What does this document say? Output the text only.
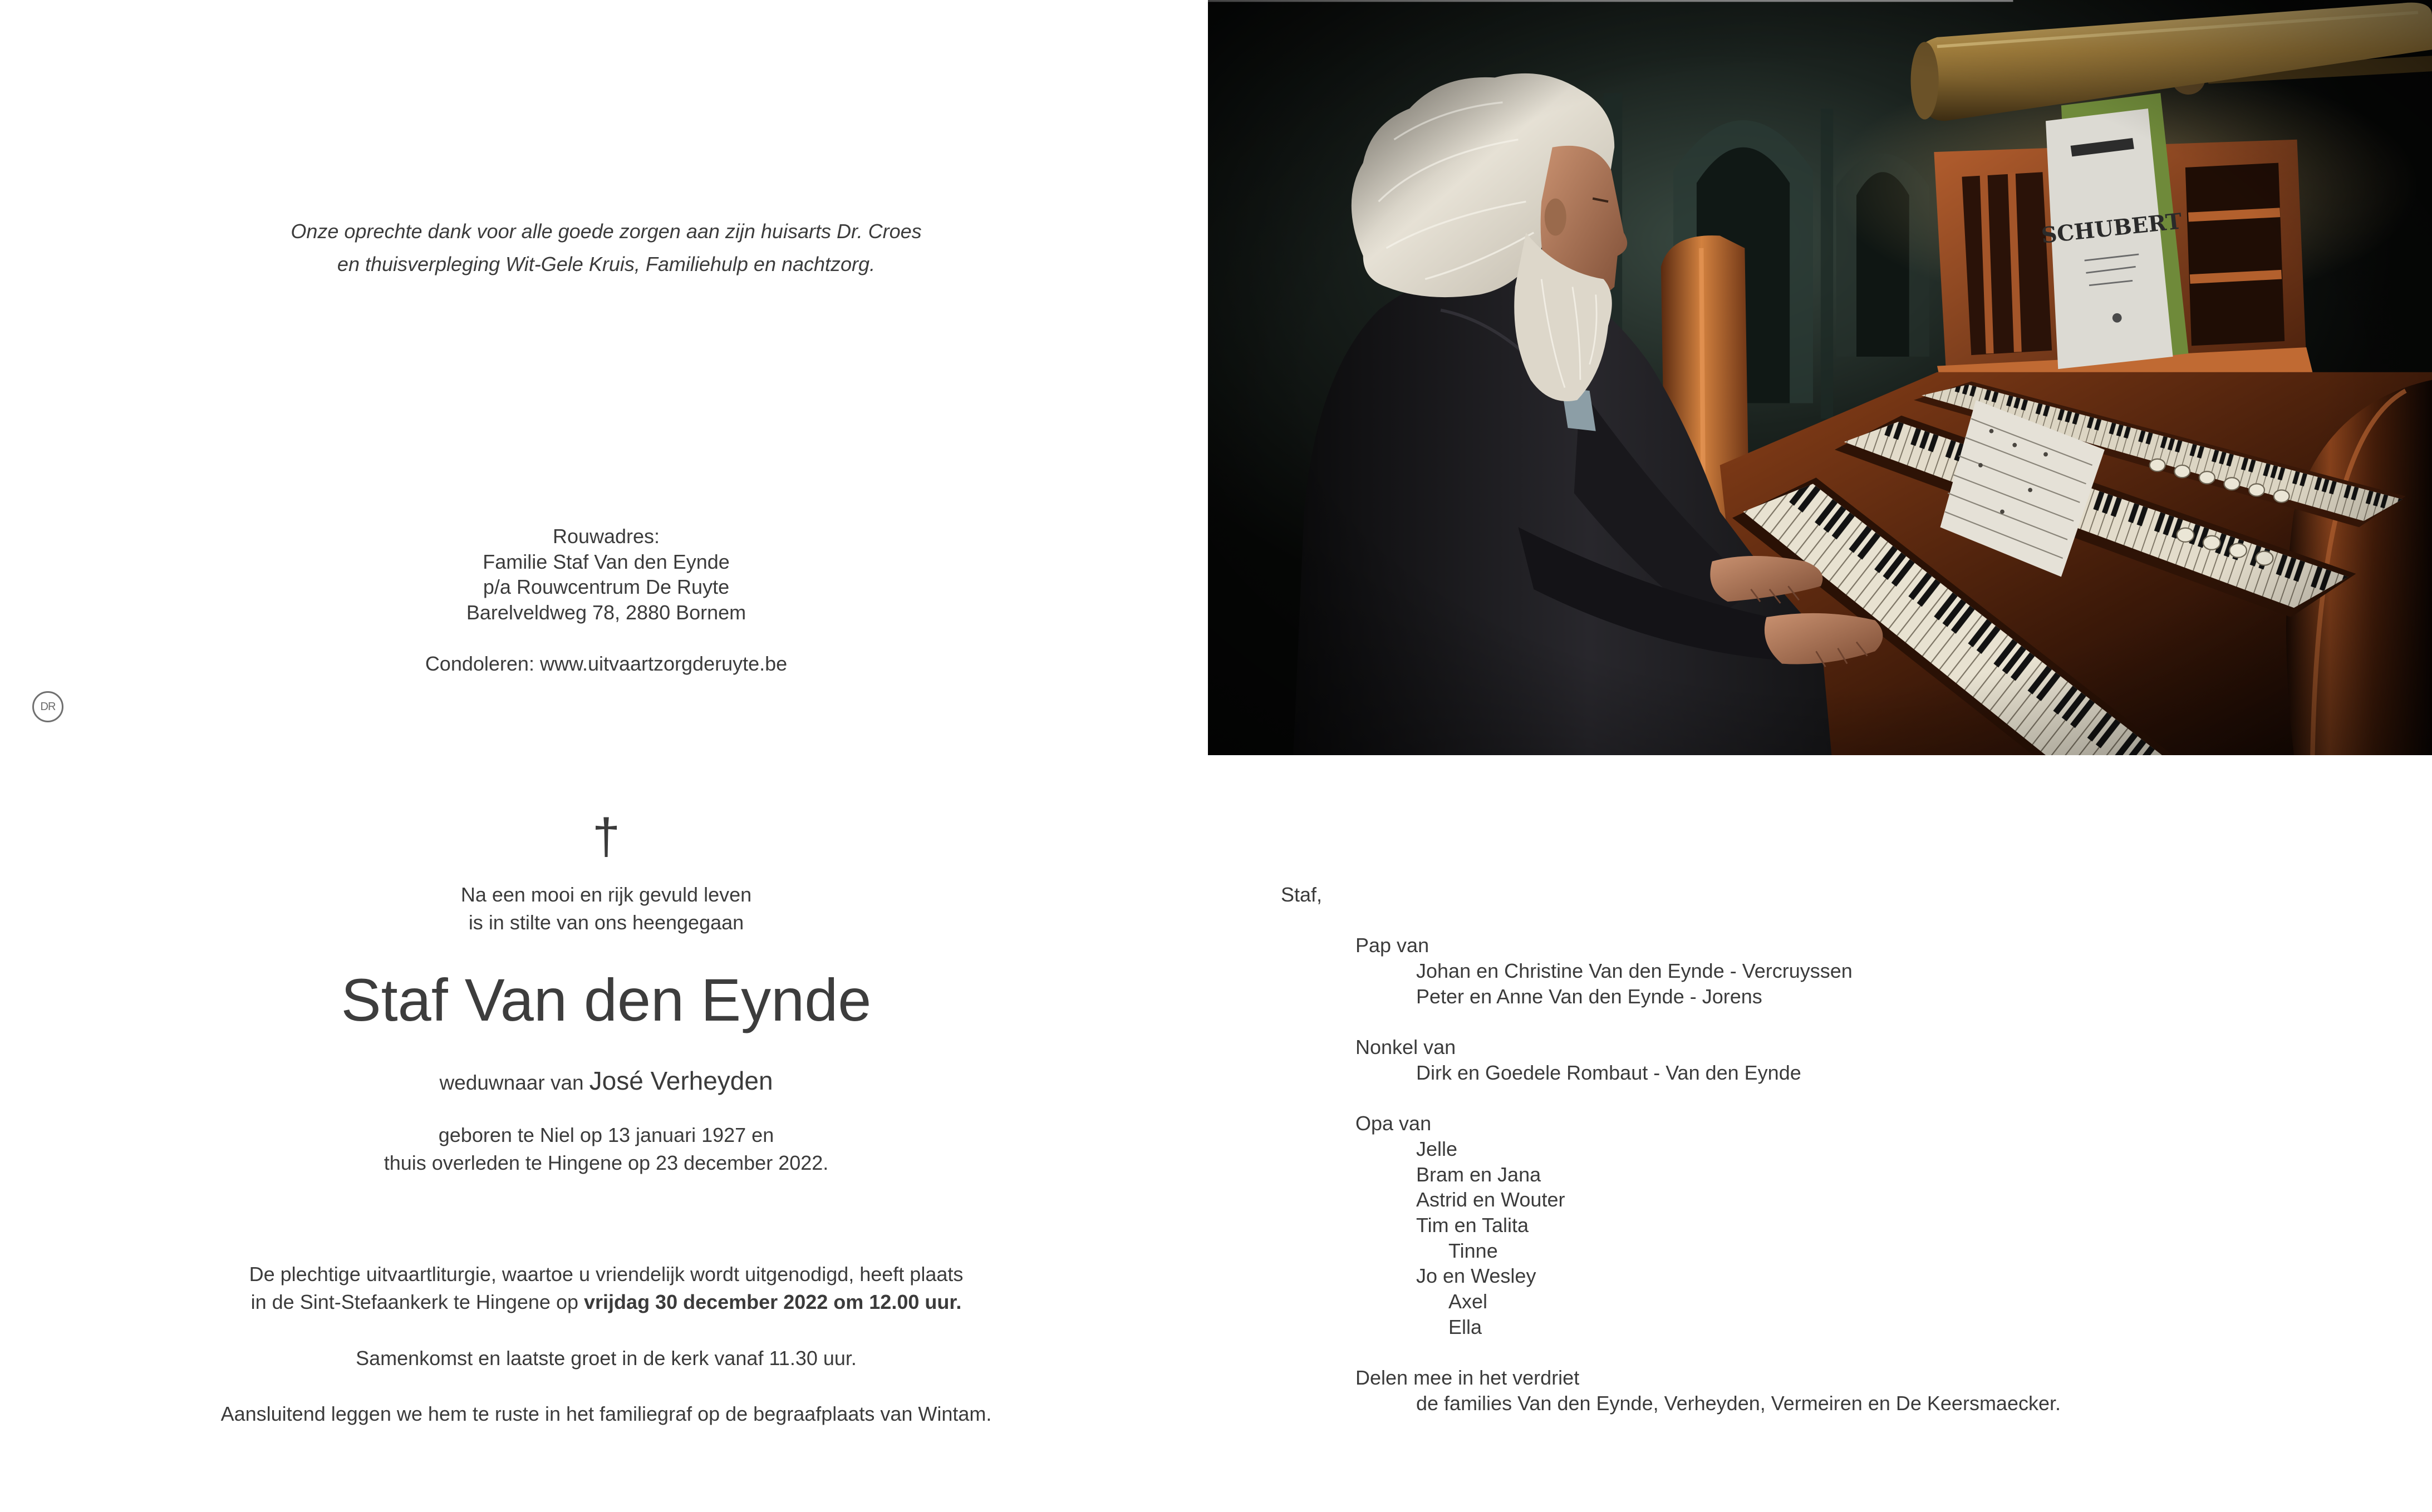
Onze oprechte dank voor alle goede zorgen aan zijn huisarts Dr. Croes
en thuisverpleging Wit-Gele Kruis, Familiehulp en nachtzorg.
Rouwadres:
Familie Staf Van den Eynde
p/a Rouwcentrum De Ruyte
Barelveldweg 78, 2880 Bornem
Condoleren: www.uitvaartzorgderuyte.be
DR
†
Na een mooi en rijk gevuld leven
is in stilte van ons heengegaan
Staf Van den Eynde
weduwnaar van José Verheyden
geboren te Niel op 13 januari 1927 en
thuis overleden te Hingene op 23 december 2022.
De plechtige uitvaartliturgie, waartoe u vriendelijk wordt uitgenodigd, heeft plaats
in de Sint-Stefaankerk te Hingene op vrijdag 30 december 2022 om 12.00 uur.
Samenkomst en laatste groet in de kerk vanaf 11.30 uur.
Aansluitend leggen we hem te ruste in het familiegraf op de begraafplaats van Wintam.
Staf,
Pap van
Johan en Christine Van den Eynde - Vercruyssen
Peter en Anne Van den Eynde - Jorens
Nonkel van
Dirk en Goedele Rombaut - Van den Eynde
Opa van
Jelle
Bram en Jana
Astrid en Wouter
Tim en Talita
Tinne
Jo en Wesley
Axel
Ella
Delen mee in het verdriet
de families Van den Eynde, Verheyden, Vermeiren en De Keersmaecker.
